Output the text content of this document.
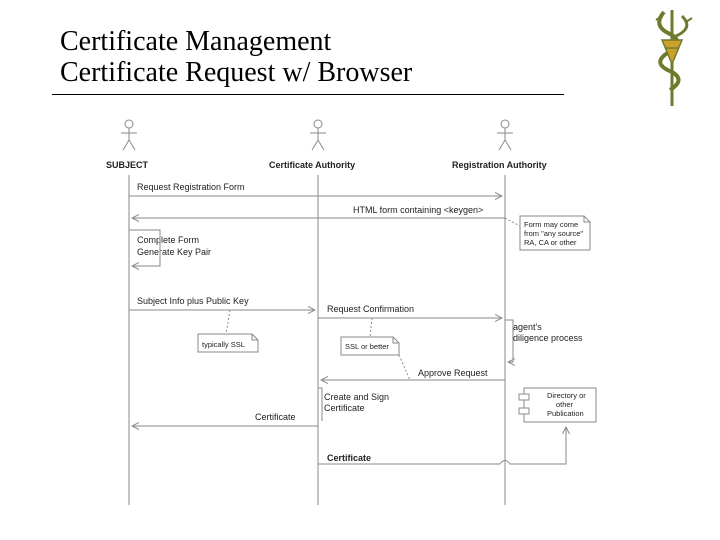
Certificate Management
Certificate Request w/ Browser
SUBJECT	Certificate Authority	Registration Authority
Request Registration Form
HTML form containing <keygen>
Form may come
from "any source"
RA, CA or other
Complete Form
Generate Key Pair
Subject Info plus Public Key
Request Confirmation
typically SSL	SSL or better
agent's
diligence process
Approve Request
Create and Sign
Certificate
Certificate
Directory or
other
Publication
Certificate
